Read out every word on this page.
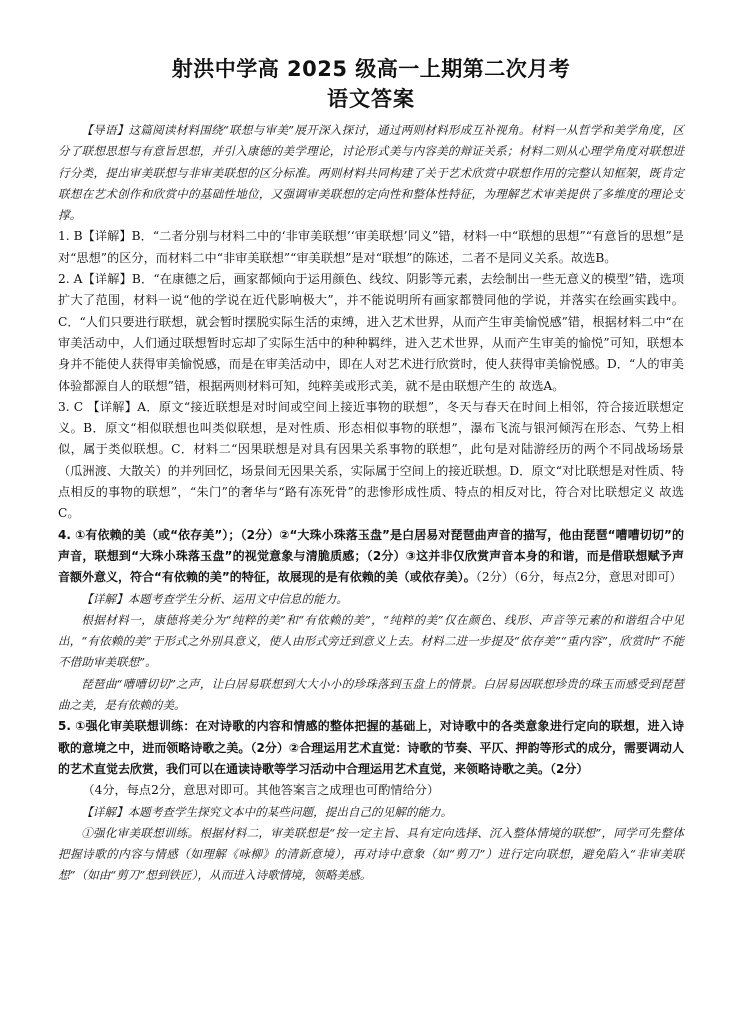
射洪中学高 2025 级高一上期第二次月考
语文答案

【导语】这篇阅读材料围绕“联想与审美”展开深入探讨，通过两则材料形成互补视角。材料一从哲学和美学角度，区分了联想思想与有意旨思想，并引入康德的美学理论，讨论形式美与内容美的辩证关系；材料二则从心理学角度对联想进行分类，提出审美联想与非审美联想的区分标准。两则材料共同构建了关于艺术欣赏中联想作用的完整认知框架，既肯定联想在艺术创作和欣赏中的基础性地位，又强调审美联想的定向性和整体性特征，为理解艺术审美提供了多维度的理论支撑。

1. B【详解】B．“二者分别与材料二中的‘非审美联想’‘审美联想’同义”错，材料一中“联想的思想”“有意旨的思想”是对“思想”的区分，而材料二中“非审美联想”“审美联想”是对“联想”的陈述，二者不是同义关系。故选B。

2. A【详解】B．“在康德之后，画家都倾向于运用颜色、线纹、阴影等元素，去绘制出一些无意义的模型”错，选项扩大了范围，材料一说“他的学说在近代影响极大”，并不能说明所有画家都赞同他的学说，并落实在绘画实践中。C．“人们只要进行联想，就会暂时摆脱实际生活的束缚，进入艺术世界，从而产生审美愉悦感”错，根据材料二中“在审美活动中，人们通过联想暂时忘却了实际生活中的种种羁绊，进入艺术世界，从而产生审美的愉悦”可知，联想本身并不能使人获得审美愉悦感，而是在审美活动中，即在人对艺术进行欣赏时，使人获得审美愉悦感。D．“人的审美体验都源自人的联想”错，根据两则材料可知，纯粹美或形式美，就不是由联想产生的 故选A。

3. C 【详解】A．原文“接近联想是对时间或空间上接近事物的联想”，冬天与春天在时间上相邻，符合接近联想定义。B．原文“相似联想也叫类似联想，是对性质、形态相似事物的联想”，瀑布飞流与银河倾泻在形态、气势上相似，属于类似联想。C．材料二“因果联想是对具有因果关系事物的联想”，此句是对陆游经历的两个不同战场场景（瓜洲渡、大散关）的并列回忆，场景间无因果关系，实际属于空间上的接近联想。D．原文“对比联想是对性质、特点相反的事物的联想”，“朱门”的奢华与“路有冻死骨”的悲惨形成性质、特点的相反对比，符合对比联想定义 故选C。

4. ①有依赖的美（或“依存美”）；（2分）②“大珠小珠落玉盘”是白居易对琵琶曲声音的描写，他由琵琶“嘈嘈切切”的声音，联想到“大珠小珠落玉盘”的视觉意象与清脆质感；（2分）③这并非仅欣赏声音本身的和谐，而是借联想赋予声音额外意义，符合“有依赖的美”的特征，故展现的是有依赖的美（或依存美）。（2分）（6分，每点2分，意思对即可）

【详解】本题考查学生分析、运用文中信息的能力。

根据材料一，康德将美分为“纯粹的美”和“有依赖的美”，“纯粹的美”仅在颜色、线形、声音等元素的和谐组合中见出，“有依赖的美”于形式之外别具意义，使人由形式旁迁到意义上去。材料二进一步提及“依存美”“重内容”，欣赏时“不能不借助审美联想”。

琵琶曲“嘈嘈切切”之声，让白居易联想到大大小小的珍珠落到玉盘上的情景。白居易因联想珍贵的珠玉而感受到琵琶曲之美，是有依赖的美。

5. ①强化审美联想训练：在对诗歌的内容和情感的整体把握的基础上，对诗歌中的各类意象进行定向的联想，进入诗歌的意境之中，进而领略诗歌之美。（2分）②合理运用艺术直觉：诗歌的节奏、平仄、押韵等形式的成分，需要调动人的艺术直觉去欣赏，我们可以在通读诗歌等学习活动中合理运用艺术直觉，来领略诗歌之美。（2分）

（4分，每点2分，意思对即可。其他答案言之成理也可酌情给分）

【详解】本题考查学生探究文本中的某些问题，提出自己的见解的能力。

①强化审美联想训练。根据材料二，审美联想是“按一定主旨、具有定向选择、沉入整体情境的联想”，同学可先整体把握诗歌的内容与情感（如理解《咏柳》的清新意境），再对诗中意象（如“剪刀”）进行定向联想，避免陷入“非审美联想”（如由“剪刀”想到铁匠），从而进入诗歌情境，领略美感。
